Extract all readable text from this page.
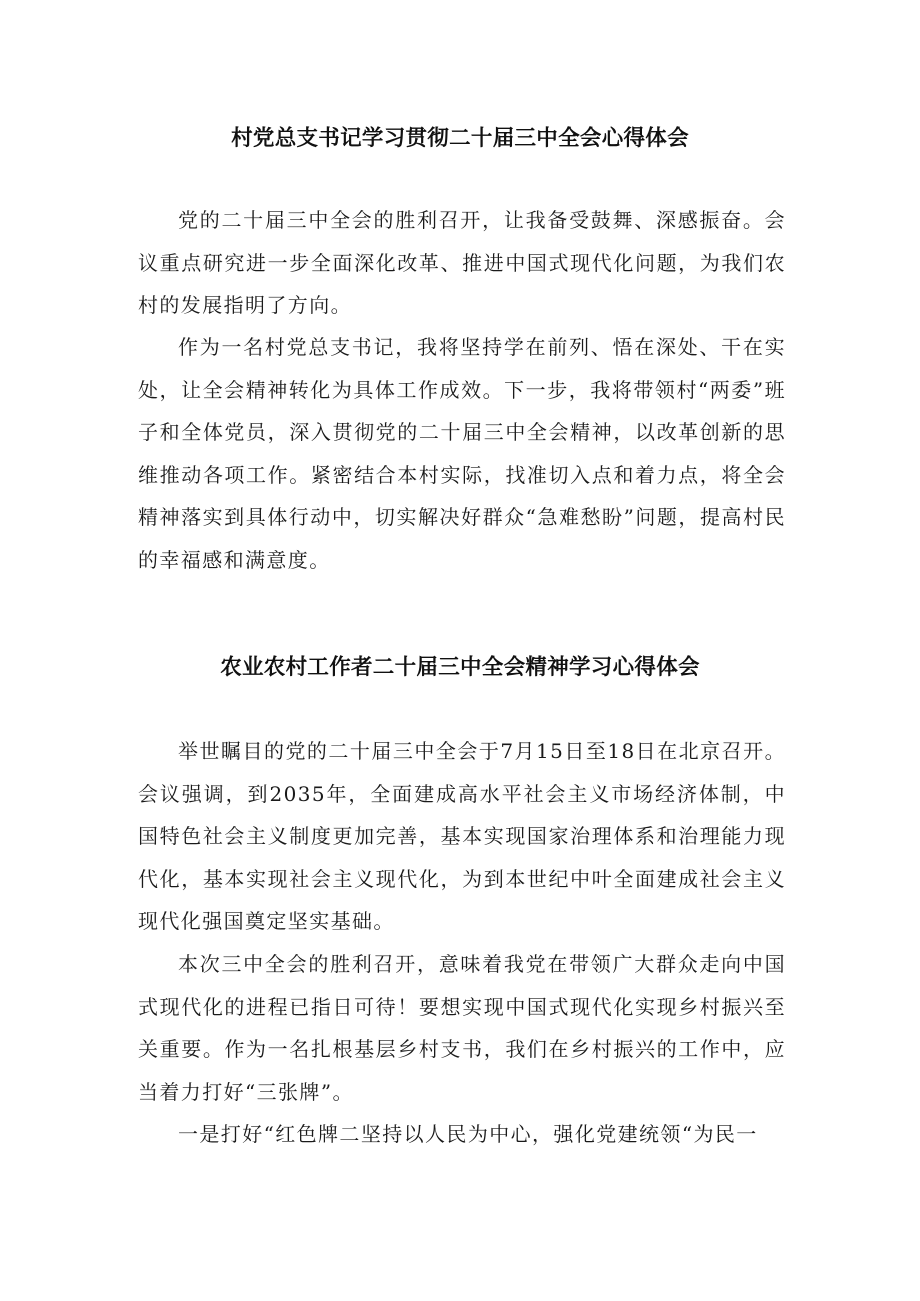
村党总支书记学习贯彻二十届三中全会心得体会

党的二十届三中全会的胜利召开，让我备受鼓舞、深感振奋。会议重点研究进一步全面深化改革、推进中国式现代化问题，为我们农村的发展指明了方向。

作为一名村党总支书记，我将坚持学在前列、悟在深处、干在实处，让全会精神转化为具体工作成效。下一步，我将带领村“两委”班子和全体党员，深入贯彻党的二十届三中全会精神，以改革创新的思维推动各项工作。紧密结合本村实际，找准切入点和着力点，将全会精神落实到具体行动中，切实解决好群众“急难愁盼”问题，提高村民的幸福感和满意度。

农业农村工作者二十届三中全会精神学习心得体会

举世瞩目的党的二十届三中全会于7月15日至18日在北京召开。会议强调，到2035年，全面建成高水平社会主义市场经济体制，中国特色社会主义制度更加完善，基本实现国家治理体系和治理能力现代化，基本实现社会主义现代化，为到本世纪中叶全面建成社会主义现代化强国奠定坚实基础。

本次三中全会的胜利召开，意味着我党在带领广大群众走向中国式现代化的进程已指日可待！要想实现中国式现代化实现乡村振兴至关重要。作为一名扎根基层乡村支书，我们在乡村振兴的工作中，应当着力打好“三张牌”。

一是打好“红色牌二坚持以人民为中心，强化党建统领“为民一
